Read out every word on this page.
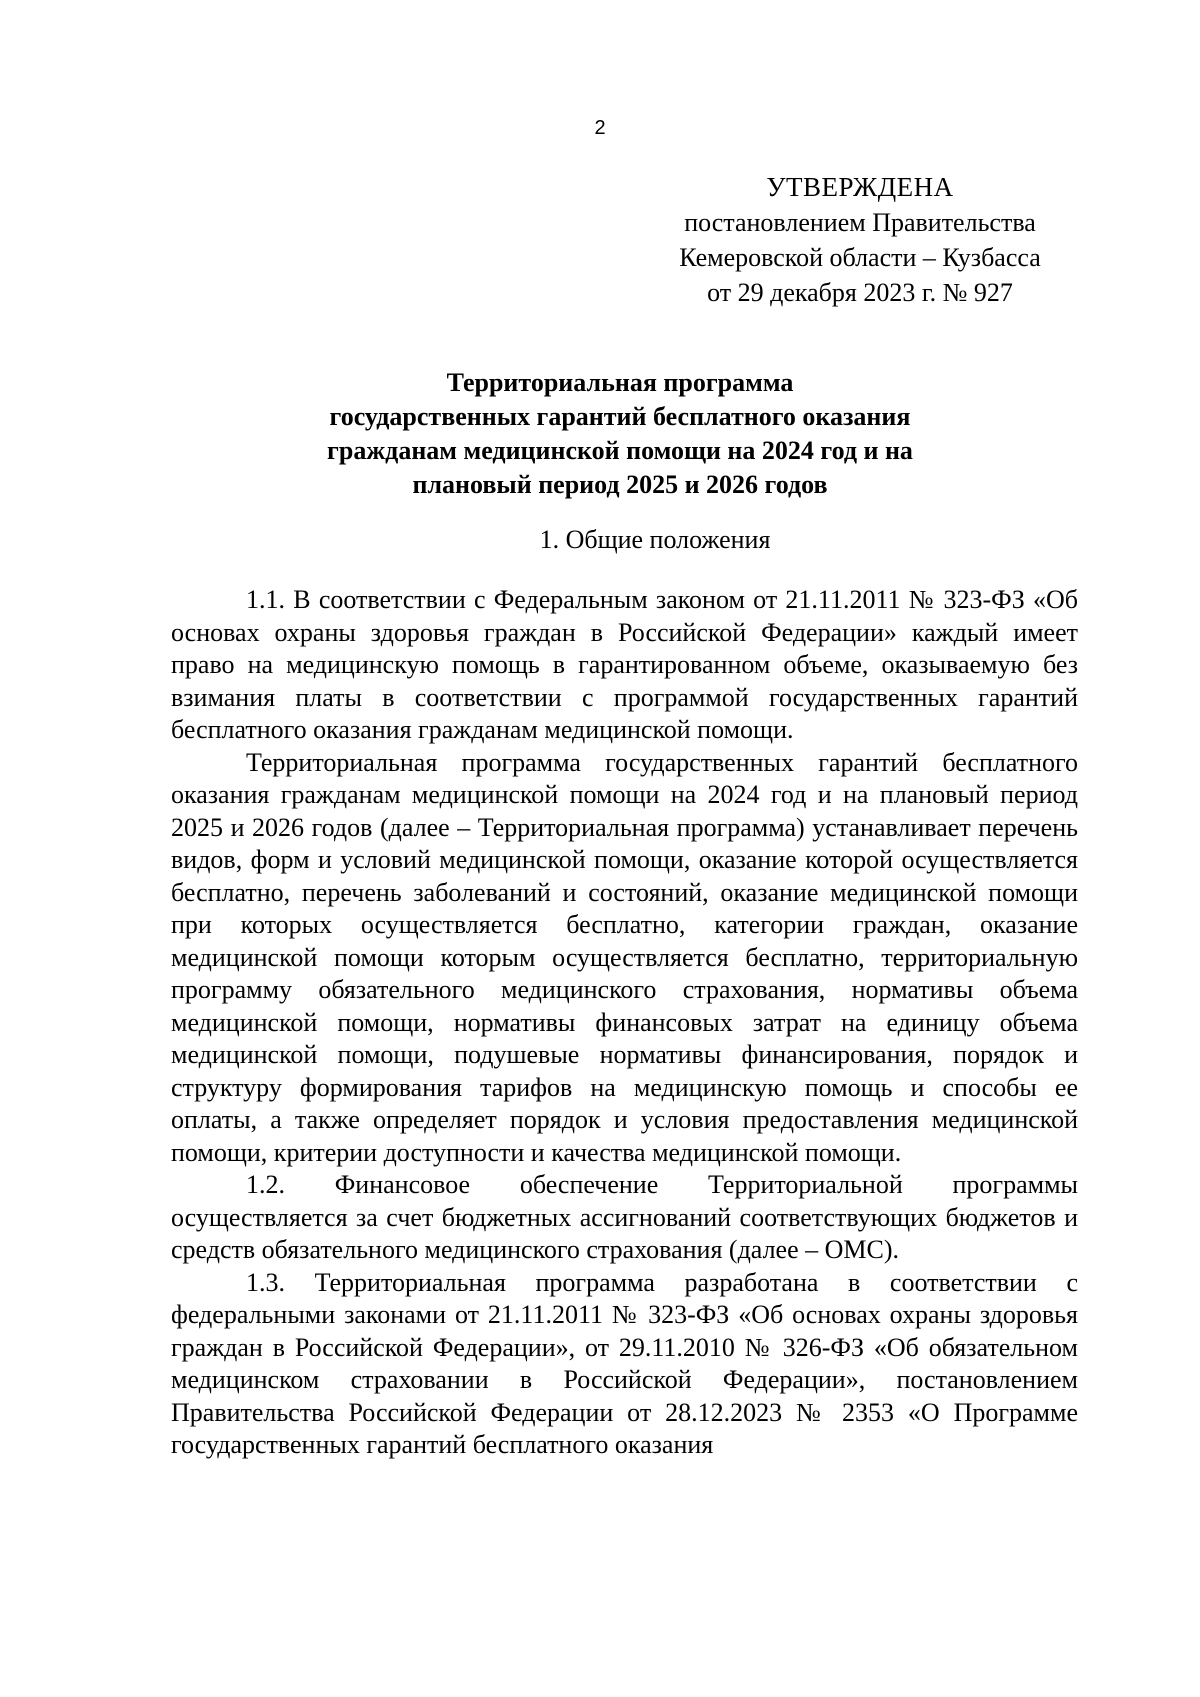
2
УТВЕРЖДЕНА
постановлением Правительства
Кемеровской области – Кузбасса
от 29 декабря 2023 г. № 927
Территориальная программа
государственных гарантий бесплатного оказания
гражданам медицинской помощи на 2024 год и на
плановый период 2025 и 2026 годов
1. Общие положения

1.1. В соответствии с Федеральным законом от 21.11.2011 № 323-ФЗ «Об основах охраны здоровья граждан в Российской Федерации» каждый имеет право на медицинскую помощь в гарантированном объеме, оказываемую без взимания платы в соответствии с программой государственных гарантий бесплатного оказания гражданам медицинской помощи.

Территориальная программа государственных гарантий бесплатного оказания гражданам медицинской помощи на 2024 год и на плановый период 2025 и 2026 годов (далее – Территориальная программа) устанавливает перечень видов, форм и условий медицинской помощи, оказание которой осуществляется бесплатно, перечень заболеваний и состояний, оказание медицинской помощи при которых осуществляется бесплатно, категории граждан, оказание медицинской помощи которым осуществляется бесплатно, территориальную программу обязательного медицинского страхования, нормативы объема медицинской помощи, нормативы финансовых затрат на единицу объема медицинской помощи, подушевые нормативы финансирования, порядок и структуру формирования тарифов на медицинскую помощь и способы ее оплаты, а также определяет порядок и условия предоставления медицинской помощи, критерии доступности и качества медицинской помощи.

1.2. Финансовое обеспечение Территориальной программы осуществляется за счет бюджетных ассигнований соответствующих бюджетов и средств обязательного медицинского страхования (далее – ОМС).

1.3. Территориальная программа разработана в соответствии с федеральными законами от 21.11.2011 № 323-ФЗ «Об основах охраны здоровья граждан в Российской Федерации», от 29.11.2010 № 326-ФЗ «Об обязательном медицинском страховании в Российской Федерации», постановлением Правительства Российской Федерации от 28.12.2023 № 2353 «О Программе государственных гарантий бесплатного оказания
